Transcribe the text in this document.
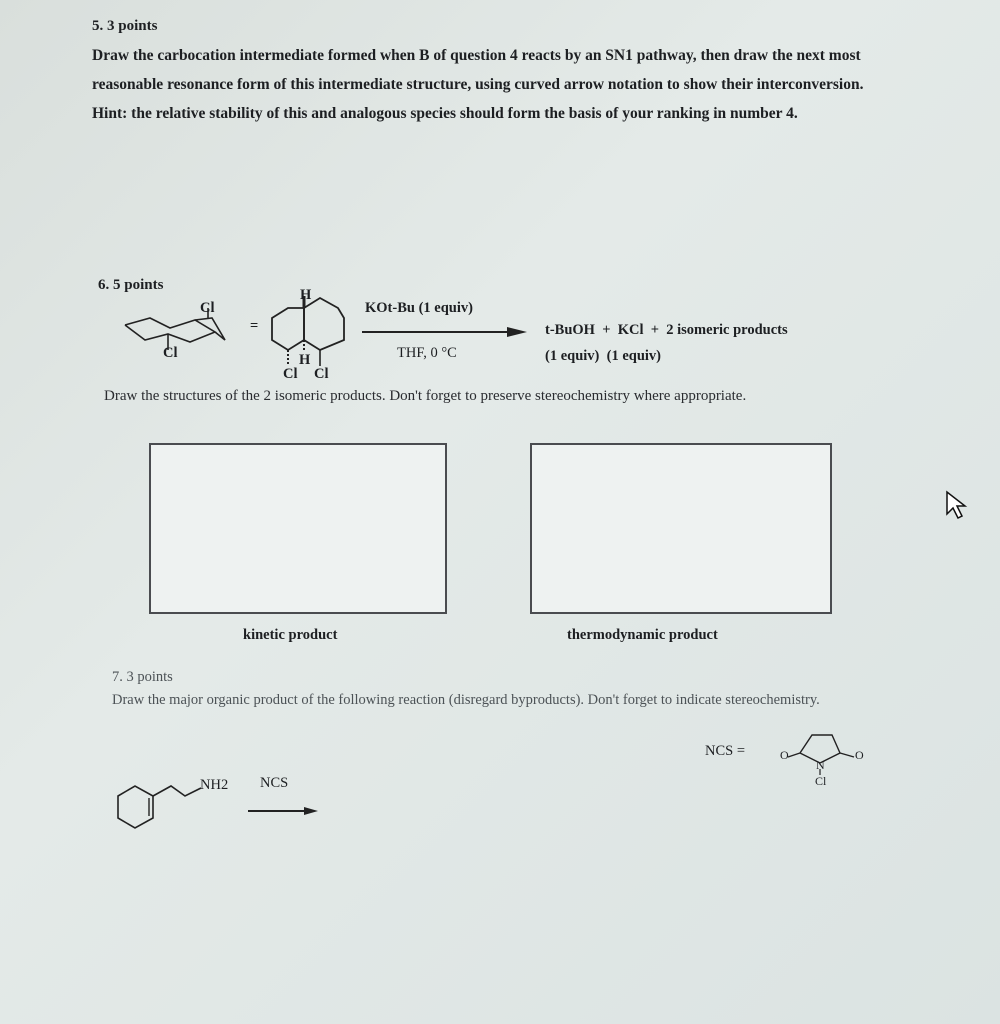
5. 3 points
Draw the carbocation intermediate formed when B of question 4 reacts by an SN1 pathway, then draw the next most reasonable resonance form of this intermediate structure, using curved arrow notation to show their interconversion. Hint: the relative stability of this and analogous species should form the basis of your ranking in number 4.
6. 5 points
Cl
Cl
=
H
H
Cl Cl
KOt-Bu (1 equiv)
THF, 0 °C
t-BuOH  +  KCl  +  2 isomeric products
(1 equiv)  (1 equiv)
Draw the structures of the 2 isomeric products. Don't forget to preserve stereochemistry where appropriate.
kinetic product	thermodynamic product
7. 3 points
Draw the major organic product of the following reaction (disregard byproducts). Don't forget to indicate stereochemistry.
NH2 NCS
NCS =	O	O
N
Cl
